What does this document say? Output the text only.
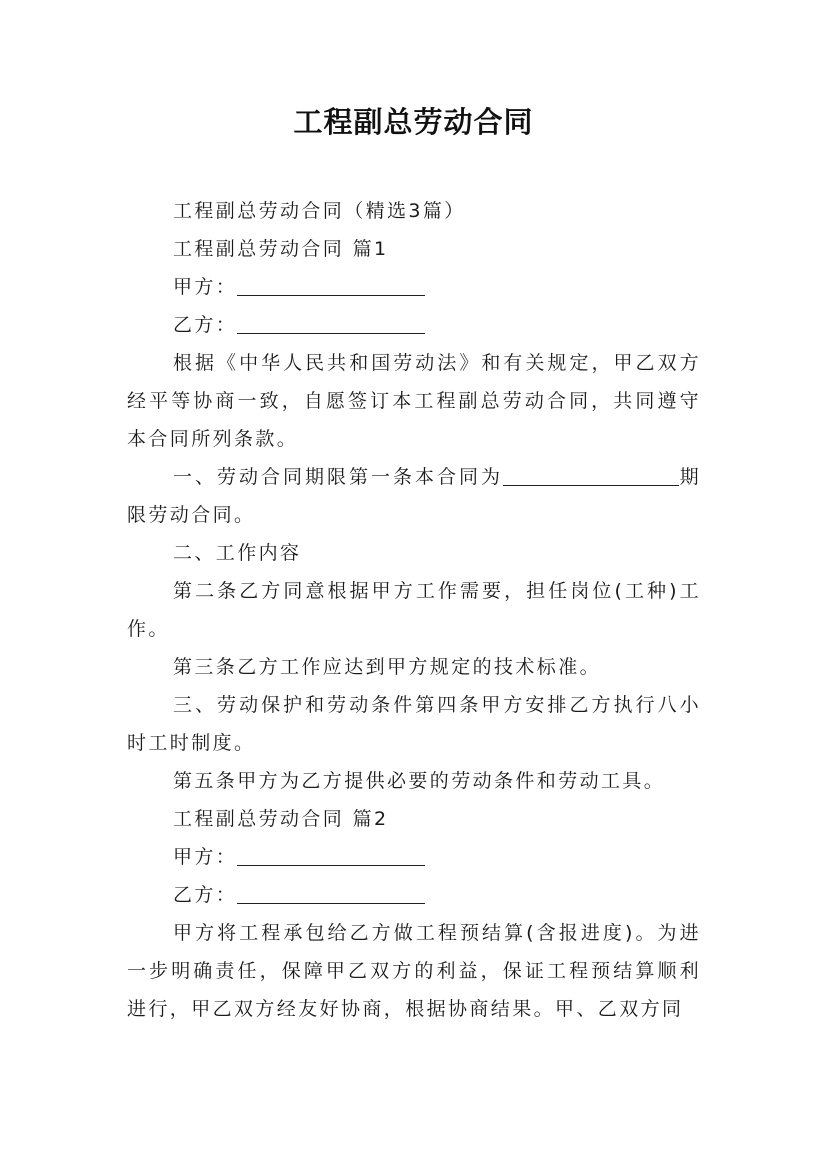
工程副总劳动合同

工程副总劳动合同（精选3篇）

工程副总劳动合同 篇1

甲方：

乙方：

根据《中华人民共和国劳动法》和有关规定，甲乙双方经平等协商一致，自愿签订本工程副总劳动合同，共同遵守本合同所列条款。

一、劳动合同期限第一条本合同为	期限劳动合同。

二、工作内容

第二条乙方同意根据甲方工作需要，担任岗位(工种)工作。

第三条乙方工作应达到甲方规定的技术标准。

三、劳动保护和劳动条件第四条甲方安排乙方执行八小时工时制度。

第五条甲方为乙方提供必要的劳动条件和劳动工具。

工程副总劳动合同 篇2

甲方：

乙方：

甲方将工程承包给乙方做工程预结算(含报进度)。为进一步明确责任，保障甲乙双方的利益，保证工程预结算顺利进行，甲乙双方经友好协商，根据协商结果。甲、乙双方同
